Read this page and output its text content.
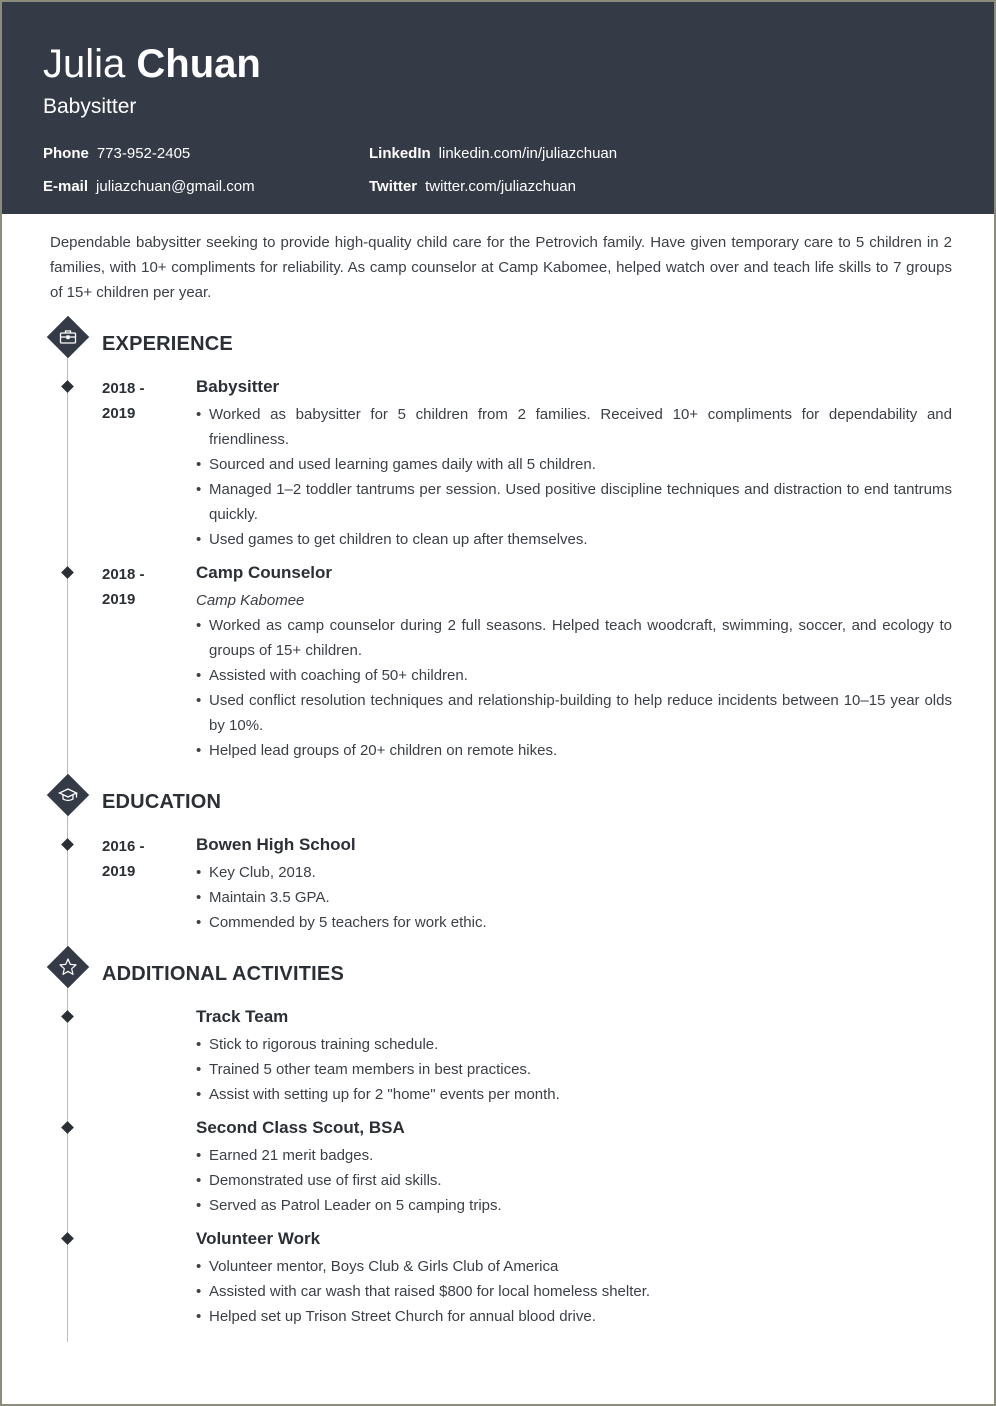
Julia Chuan
Babysitter
Phone 773-952-2405
E-mail juliazchuan@gmail.com
LinkedIn linkedin.com/in/juliazchuan
Twitter twitter.com/juliazchuan
Dependable babysitter seeking to provide high-quality child care for the Petrovich family. Have given temporary care to 5 children in 2 families, with 10+ compliments for reliability. As camp counselor at Camp Kabomee, helped watch over and teach life skills to 7 groups of 15+ children per year.
EXPERIENCE
2018 -
2019
Babysitter
• Worked as babysitter for 5 children from 2 families. Received 10+ compliments for dependability and friendliness.
• Sourced and used learning games daily with all 5 children.
• Managed 1–2 toddler tantrums per session. Used positive discipline techniques and distraction to end tantrums quickly.
• Used games to get children to clean up after themselves.
2018 -
2019
Camp Counselor
Camp Kabomee
• Worked as camp counselor during 2 full seasons. Helped teach woodcraft, swimming, soccer, and ecology to groups of 15+ children.
• Assisted with coaching of 50+ children.
• Used conflict resolution techniques and relationship-building to help reduce incidents between 10–15 year olds by 10%.
• Helped lead groups of 20+ children on remote hikes.
EDUCATION
2016 -
2019
Bowen High School
• Key Club, 2018.
• Maintain 3.5 GPA.
• Commended by 5 teachers for work ethic.
ADDITIONAL ACTIVITIES
Track Team
• Stick to rigorous training schedule.
• Trained 5 other team members in best practices.
• Assist with setting up for 2 "home" events per month.
Second Class Scout, BSA
• Earned 21 merit badges.
• Demonstrated use of first aid skills.
• Served as Patrol Leader on 5 camping trips.
Volunteer Work
• Volunteer mentor, Boys Club & Girls Club of America
• Assisted with car wash that raised $800 for local homeless shelter.
• Helped set up Trison Street Church for annual blood drive.
